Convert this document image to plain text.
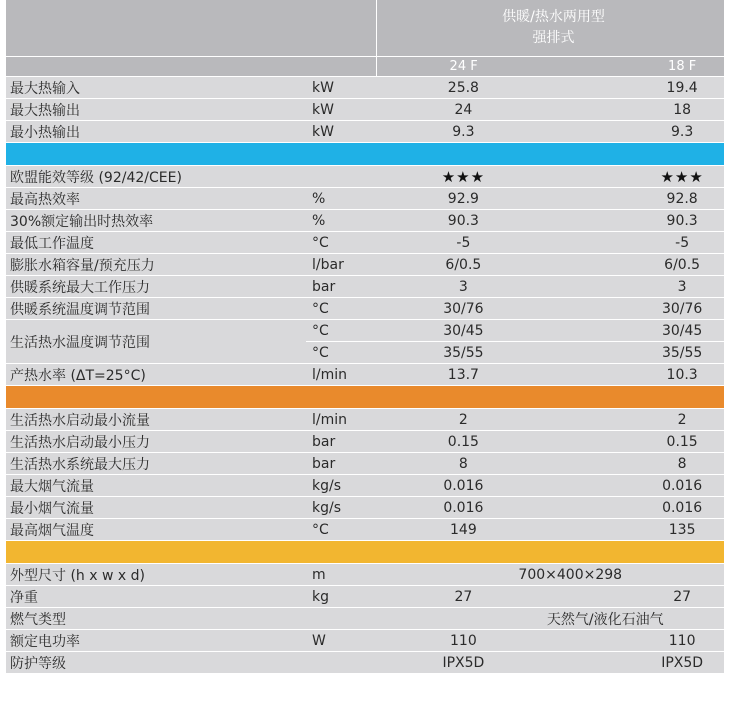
		供暖/热水两用型
强排式	

		24 F	18 F
最大热输入	kW	25.8	19.4
最大热输出	kW	24	18
最小热输出	kW	9.3	9.3

欧盟能效等级 (92/42/CEE)		★★★	★★★
最高热效率	%	92.9	92.8
30%额定输出时热效率	%	90.3	90.3
最低工作温度	°C	-5	-5
膨胀水箱容量/预充压力	l/bar	6/0.5	6/0.5
供暖系统最大工作压力	bar	3	3
供暖系统温度调节范围	°C	30/76	30/76
生活热水温度调节范围	°C	30/45	30/45
	°C	35/55	35/55
产热水率 (ΔT=25°C)	l/min	13.7	10.3

生活热水启动最小流量	l/min	2	2
生活热水启动最小压力	bar	0.15	0.15
生活热水系统最大压力	bar	8	8
最大烟气流量	kg/s	0.016	0.016
最小烟气流量	kg/s	0.016	0.016
最高烟气温度	°C	149	135

外型尺寸 (h x w x d)	m	700×400×298	
净重	kg	27	27
燃气类型		天然气/液化石油气	
额定电功率	W	110	110
防护等级		IPX5D	IPX5D
